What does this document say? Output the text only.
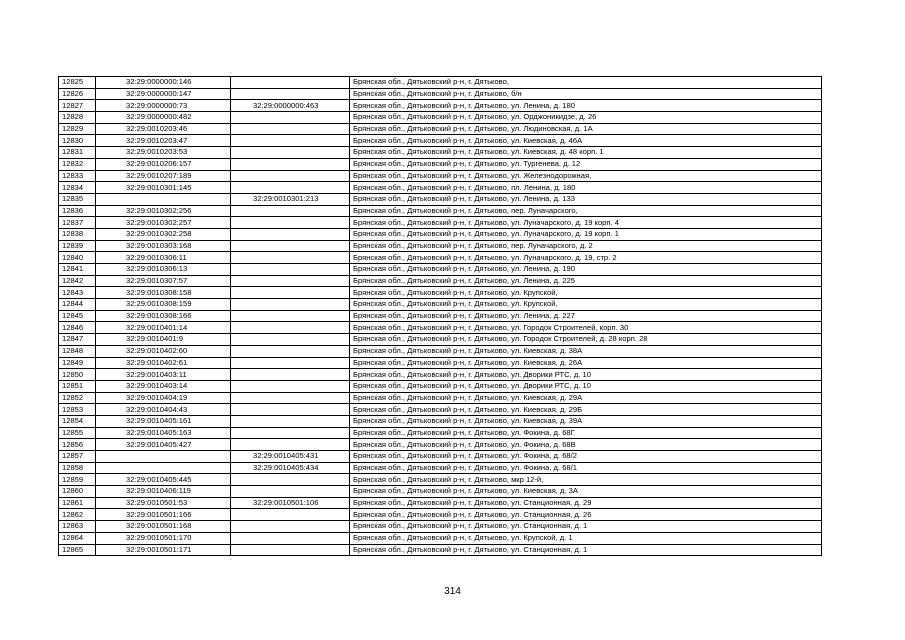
12825	32:29:0000000:146		Брянская обл., Дятьковский р-н, г. Дятьково,
12826	32:29:0000000:147		Брянская обл., Дятьковский р-н, г. Дятьково, б/н
12827	32:29:0000000:73	32:29:0000000:463	Брянская обл., Дятьковский р-н, г. Дятьково, ул. Ленина, д. 180
12828	32:29:0000000:482		Брянская обл., Дятьковский р-н, г. Дятьково, ул. Орджоникидзе, д. 26
12829	32:29:0010203:46		Брянская обл., Дятьковский р-н, г. Дятьково, ул. Людиновская, д. 1А
12830	32:29:0010203:47		Брянская обл., Дятьковский р-н, г. Дятьково, ул. Киевская, д. 46А
12831	32:29:0010203:53		Брянская обл., Дятьковский р-н, г. Дятьково, ул. Киевская, д. 48 корп. 1
12832	32:29:0010206:157		Брянская обл., Дятьковский р-н, г. Дятьково, ул. Тургенева, д. 12
12833	32:29:0010207:189		Брянская обл., Дятьковский р-н, г. Дятьково, ул. Железнодорожная,
12834	32:29:0010301:145		Брянская обл., Дятьковский р-н, г. Дятьково, пл. Ленина, д. 180
12835		32:29:0010301:213	Брянская обл., Дятьковский р-н, г. Дятьково, ул. Ленина, д. 133
12836	32:29:0010302:256		Брянская обл., Дятьковский р-н, г. Дятьково, пер. Луначарского,
12837	32:29:0010302:257		Брянская обл., Дятьковский р-н, г. Дятьково, ул. Луначарского, д. 19 корп. 4
12838	32:29:0010302:258		Брянская обл., Дятьковский р-н, г. Дятьково, ул. Луначарского, д. 19 корп. 1
12839	32:29:0010303:168		Брянская обл., Дятьковский р-н, г. Дятьково, пер. Луначарского, д. 2
12840	32:29:0010306:11		Брянская обл., Дятьковский р-н, г. Дятьково, ул. Луначарского, д. 19, стр. 2
12841	32:29:0010306:13		Брянская обл., Дятьковский р-н, г. Дятьково, ул. Ленина, д. 190
12842	32:29:0010307:57		Брянская обл., Дятьковский р-н, г. Дятьково, ул. Ленина, д. 225
12843	32:29:0010308:158		Брянская обл., Дятьковский р-н, г. Дятьково, ул. Крупской,
12844	32:29:0010308:159		Брянская обл., Дятьковский р-н, г. Дятьково, ул. Крупской,
12845	32:29:0010308:166		Брянская обл., Дятьковский р-н, г. Дятьково, ул. Ленина, д. 227
12846	32:29:0010401:14		Брянская обл., Дятьковский р-н, г. Дятьково, ул. Городок Строителей, корп. 30
12847	32:29:0010401:9		Брянская обл., Дятьковский р-н, г. Дятьково, ул. Городок Строителей, д. 28 корп. 28
12848	32:29:0010402:60		Брянская обл., Дятьковский р-н, г. Дятьково, ул. Киевская, д. 38А
12849	32:29:0010402:61		Брянская обл., Дятьковский р-н, г. Дятьково, ул. Киевская, д. 26А
12850	32:29:0010403:11		Брянская обл., Дятьковский р-н, г. Дятьково, ул. Дворики РТС, д. 10
12851	32:29:0010403:14		Брянская обл., Дятьковский р-н, г. Дятьково, ул. Дворики РТС, д. 10
12852	32:29:0010404:19		Брянская обл., Дятьковский р-н, г. Дятьково, ул. Киевская, д. 29А
12853	32:29:0010404:43		Брянская обл., Дятьковский р-н, г. Дятьково, ул. Киевская, д. 29Б
12854	32:29:0010405:161		Брянская обл., Дятьковский р-н, г. Дятьково, ул. Киевская, д. 39А
12855	32:29:0010405:163		Брянская обл., Дятьковский р-н, г. Дятьково, ул. Фокина, д. 68Г
12856	32:29:0010405:427		Брянская обл., Дятьковский р-н, г. Дятьково, ул. Фокина, д. 68В
12857		32:29:0010405:431	Брянская обл., Дятьковский р-н, г. Дятьково, ул. Фокина, д. 68/2
12858		32:29:0010405:434	Брянская обл., Дятьковский р-н, г. Дятьково, ул. Фокина, д. 68/1
12859	32:29:0010405:445		Брянская обл., Дятьковский р-н, г. Дятьково, мкр 12-й,
12860	32:29:0010406:119		Брянская обл., Дятьковский р-н, г. Дятьково, ул. Киевская, д. 3А
12861	32:29:0010501:53	32:29:0010501:106	Брянская обл., Дятьковский р-н, г. Дятьково, ул. Станционная, д. 29
12862	32:29:0010501:166		Брянская обл., Дятьковский р-н, г. Дятьково, ул. Станционная, д. 26
12863	32:29:0010501:168		Брянская обл., Дятьковский р-н, г. Дятьково, ул. Станционная, д. 1
12864	32:29:0010501:170		Брянская обл., Дятьковский р-н, г. Дятьково, ул. Крупской, д. 1
12865	32:29:0010501:171		Брянская обл., Дятьковский р-н, г. Дятьково, ул. Станционная, д. 1
314
